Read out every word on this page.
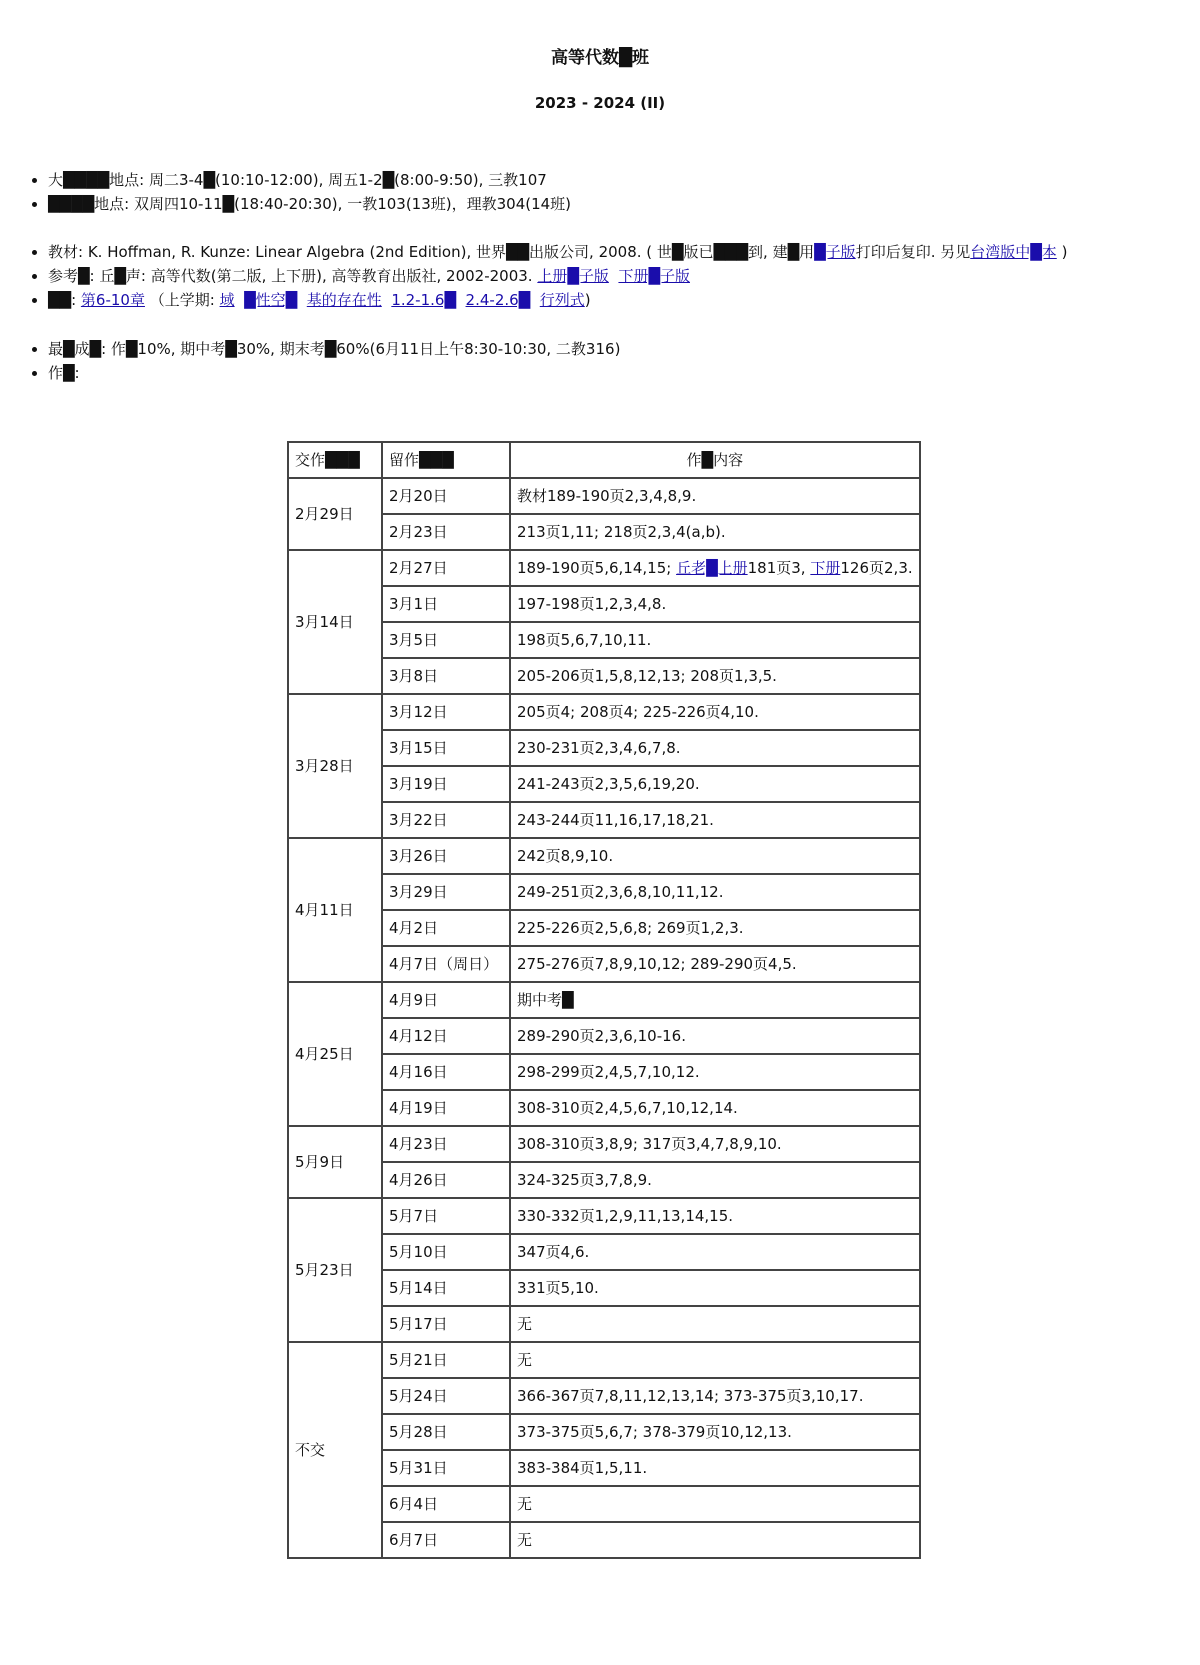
高等代数█班
2023 - 2024 (II)
• 大████地点: 周二3-4█(10:10-12:00), 周五1-2█(8:00-9:50), 三教107
• ████地点: 双周四10-11█(18:40-20:30), 一教103(13班)，理教304(14班)
• 教材: K. Hoffman, R. Kunze: Linear Algebra (2nd Edition), 世界██出版公司, 2008. ( 世█版已███到, 建█用█子版打印后复印. 另见台湾版中█本 )
• 参考█: 丘█声: 高等代数(第二版, 上下册), 高等教育出版社, 2002-2003. 上册█子版 下册█子版
• ██: 第6-10章 （上学期: 域 █性空█ 基的存在性 1.2-1.6█ 2.4-2.6█ 行列式)
• 最█成█: 作█10%, 期中考█30%, 期末考█60%(6月11日上午8:30-10:30, 二教316)
• 作█:
交作███	留作███	作█内容
2月29日	2月20日	教材189-190页2,3,4,8,9.
	2月23日	213页1,11; 218页2,3,4(a,b).
3月14日	2月27日	189-190页5,6,14,15; 丘老█上册181页3, 下册126页2,3.
	3月1日	197-198页1,2,3,4,8.
	3月5日	198页5,6,7,10,11.
	3月8日	205-206页1,5,8,12,13; 208页1,3,5.
3月28日	3月12日	205页4; 208页4; 225-226页4,10.
	3月15日	230-231页2,3,4,6,7,8.
	3月19日	241-243页2,3,5,6,19,20.
	3月22日	243-244页11,16,17,18,21.
4月11日	3月26日	242页8,9,10.
	3月29日	249-251页2,3,6,8,10,11,12.
	4月2日	225-226页2,5,6,8; 269页1,2,3.
	4月7日（周日）	275-276页7,8,9,10,12; 289-290页4,5.
4月25日	4月9日	期中考█
	4月12日	289-290页2,3,6,10-16.
	4月16日	298-299页2,4,5,7,10,12.
	4月19日	308-310页2,4,5,6,7,10,12,14.
5月9日	4月23日	308-310页3,8,9; 317页3,4,7,8,9,10.
	4月26日	324-325页3,7,8,9.
5月23日	5月7日	330-332页1,2,9,11,13,14,15.
	5月10日	347页4,6.
	5月14日	331页5,10.
	5月17日	无
不交	5月21日	无
	5月24日	366-367页7,8,11,12,13,14; 373-375页3,10,17.
	5月28日	373-375页5,6,7; 378-379页10,12,13.
	5月31日	383-384页1,5,11.
	6月4日	无
	6月7日	无
